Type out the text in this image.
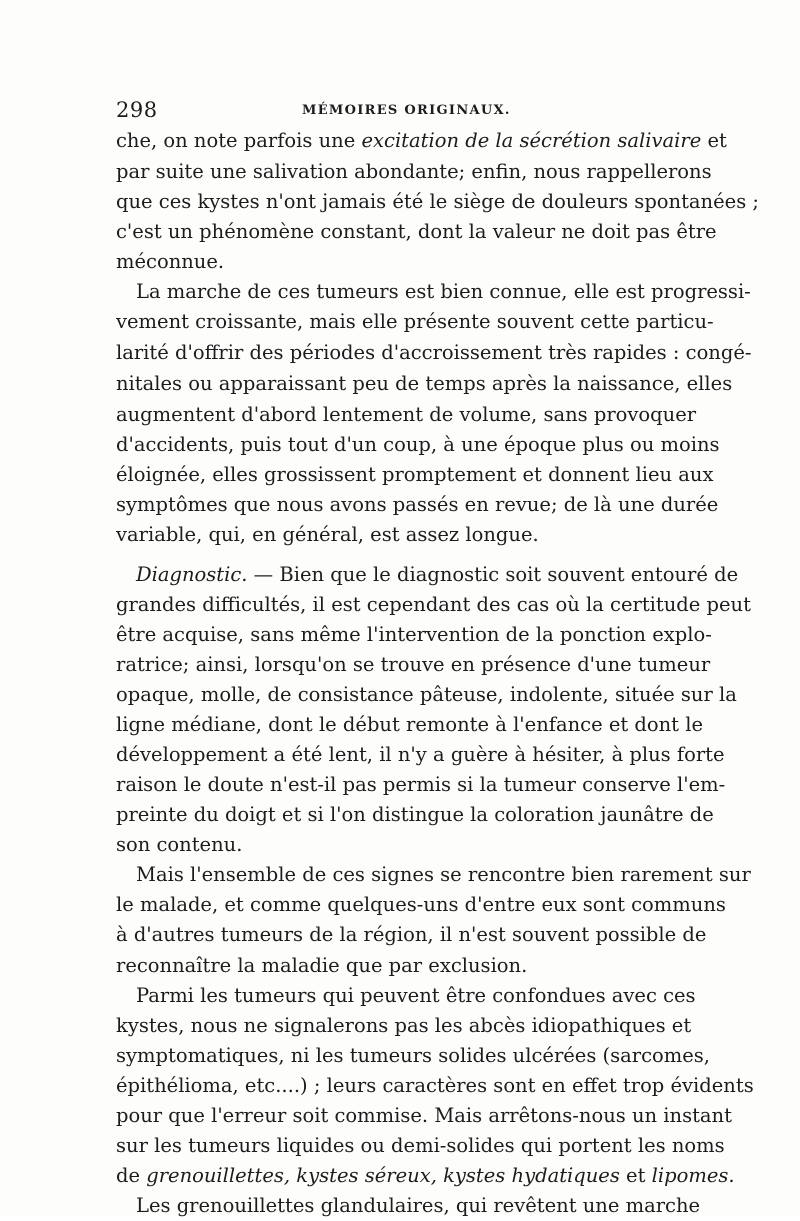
298	MÉMOIRES ORIGINAUX.
che, on note parfois une excitation de la sécrétion salivaire et
par suite une salivation abondante; enfin, nous rappellerons
que ces kystes n'ont jamais été le siège de douleurs spontanées ;
c'est un phénomène constant, dont la valeur ne doit pas être
méconnue.
La marche de ces tumeurs est bien connue, elle est progressi-
vement croissante, mais elle présente souvent cette particu-
larité d'offrir des périodes d'accroissement très rapides : congé-
nitales ou apparaissant peu de temps après la naissance, elles
augmentent d'abord lentement de volume, sans provoquer
d'accidents, puis tout d'un coup, à une époque plus ou moins
éloignée, elles grossissent promptement et donnent lieu aux
symptômes que nous avons passés en revue; de là une durée
variable, qui, en général, est assez longue.
Diagnostic. — Bien que le diagnostic soit souvent entouré de
grandes difficultés, il est cependant des cas où la certitude peut
être acquise, sans même l'intervention de la ponction explo-
ratrice; ainsi, lorsqu'on se trouve en présence d'une tumeur
opaque, molle, de consistance pâteuse, indolente, située sur la
ligne médiane, dont le début remonte à l'enfance et dont le
développement a été lent, il n'y a guère à hésiter, à plus forte
raison le doute n'est-il pas permis si la tumeur conserve l'em-
preinte du doigt et si l'on distingue la coloration jaunâtre de
son contenu.
Mais l'ensemble de ces signes se rencontre bien rarement sur
le malade, et comme quelques-uns d'entre eux sont communs
à d'autres tumeurs de la région, il n'est souvent possible de
reconnaître la maladie que par exclusion.
Parmi les tumeurs qui peuvent être confondues avec ces
kystes, nous ne signalerons pas les abcès idiopathiques et
symptomatiques, ni les tumeurs solides ulcérées (sarcomes,
épithélioma, etc....) ; leurs caractères sont en effet trop évidents
pour que l'erreur soit commise. Mais arrêtons-nous un instant
sur les tumeurs liquides ou demi-solides qui portent les noms
de grenouillettes, kystes séreux, kystes hydatiques et lipomes.
Les grenouillettes glandulaires, qui revêtent une marche
